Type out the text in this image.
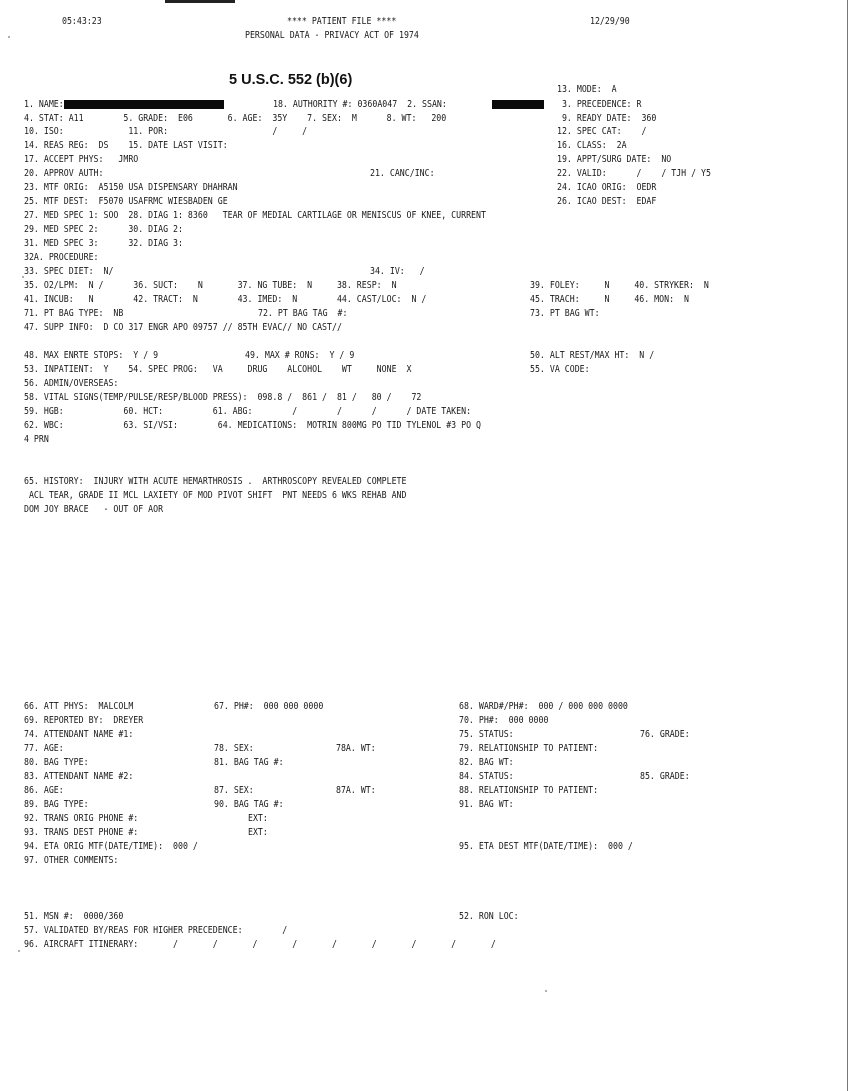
05:43:23	**** PATIENT FILE ****	12/29/90
PERSONAL DATA - PRIVACY ACT OF 1974
5 U.S.C. 552 (b)(6)
13. MODE:  A
1. NAME:	18. AUTHORITY #: 0360A047  2. SSAN:	3. PRECEDENCE: R
4. STAT: A11        5. GRADE:  E06       6. AGE:  35Y    7. SEX:  M      8. WT:   200	9. READY DATE:  360
10. ISO:             11. POR:                     /     /	12. SPEC CAT:    /
14. REAS REG:  DS    15. DATE LAST VISIT:	16. CLASS:  2A
17. ACCEPT PHYS:   JMRO	19. APPT/SURG DATE:  NO
20. APPROV AUTH:	21. CANC/INC:	22. VALID:      /    / TJH / Y5
23. MTF ORIG:  A5150 USA DISPENSARY DHAHRAN	24. ICAO ORIG:  OEDR
25. MTF DEST:  F5070 USAFRMC WIESBADEN GE	26. ICAO DEST:  EDAF
27. MED SPEC 1: SOO  28. DIAG 1: 8360   TEAR OF MEDIAL CARTILAGE OR MENISCUS OF KNEE, CURRENT
29. MED SPEC 2:      30. DIAG 2:
31. MED SPEC 3:      32. DIAG 3:
32A. PROCEDURE:
33. SPEC DIET:  N/	34. IV:   /
35. O2/LPM:  N /      36. SUCT:    N       37. NG TUBE:  N     38. RESP:  N	39. FOLEY:     N     40. STRYKER:  N
41. INCUB:   N        42. TRACT:  N        43. IMED:  N        44. CAST/LOC:  N /	45. TRACH:     N     46. MON:  N
71. PT BAG TYPE:  NB	72. PT BAG TAG  #:	73. PT BAG WT:
47. SUPP INFO:  D CO 317 ENGR APO 09757 // 85TH EVAC// NO CAST//
48. MAX ENRTE STOPS:  Y / 9	49. MAX # RONS:  Y / 9	50. ALT REST/MAX HT:  N /
53. INPATIENT:  Y    54. SPEC PROG:   VA     DRUG    ALCOHOL    WT     NONE  X	55. VA CODE:
56. ADMIN/OVERSEAS:
58. VITAL SIGNS(TEMP/PULSE/RESP/BLOOD PRESS):  098.8 /  861 /  81 /   80 /    72
59. HGB:            60. HCT:          61. ABG:        /        /      /      / DATE TAKEN:
62. WBC:            63. SI/VSI:        64. MEDICATIONS:  MOTRIN 800MG PO TID TYLENOL #3 PO Q
4 PRN
65. HISTORY:  INJURY WITH ACUTE HEMARTHROSIS .  ARTHROSCOPY REVEALED COMPLETE
ACL TEAR, GRADE II MCL LAXIETY OF MOD PIVOT SHIFT  PNT NEEDS 6 WKS REHAB AND
DOM JOY BRACE   - OUT OF AOR
66. ATT PHYS:  MALCOLM	67. PH#:  000 000 0000	68. WARD#/PH#:  000 / 000 000 0000
69. REPORTED BY:  DREYER	70. PH#:  000 0000
74. ATTENDANT NAME #1:	75. STATUS:	76. GRADE:
77. AGE:	78. SEX:	78A. WT:	79. RELATIONSHIP TO PATIENT:
80. BAG TYPE:	81. BAG TAG #:	82. BAG WT:
83. ATTENDANT NAME #2:	84. STATUS:	85. GRADE:
86. AGE:	87. SEX:	87A. WT:	88. RELATIONSHIP TO PATIENT:
89. BAG TYPE:	90. BAG TAG #:	91. BAG WT:
92. TRANS ORIG PHONE #:	EXT:
93. TRANS DEST PHONE #:	EXT:
94. ETA ORIG MTF(DATE/TIME):  000 /	95. ETA DEST MTF(DATE/TIME):  000 /
97. OTHER COMMENTS:
51. MSN #:  0000/360	52. RON LOC:
57. VALIDATED BY/REAS FOR HIGHER PRECEDENCE:        /
96. AIRCRAFT ITINERARY:       /       /       /       /       /       /       /       /       /
